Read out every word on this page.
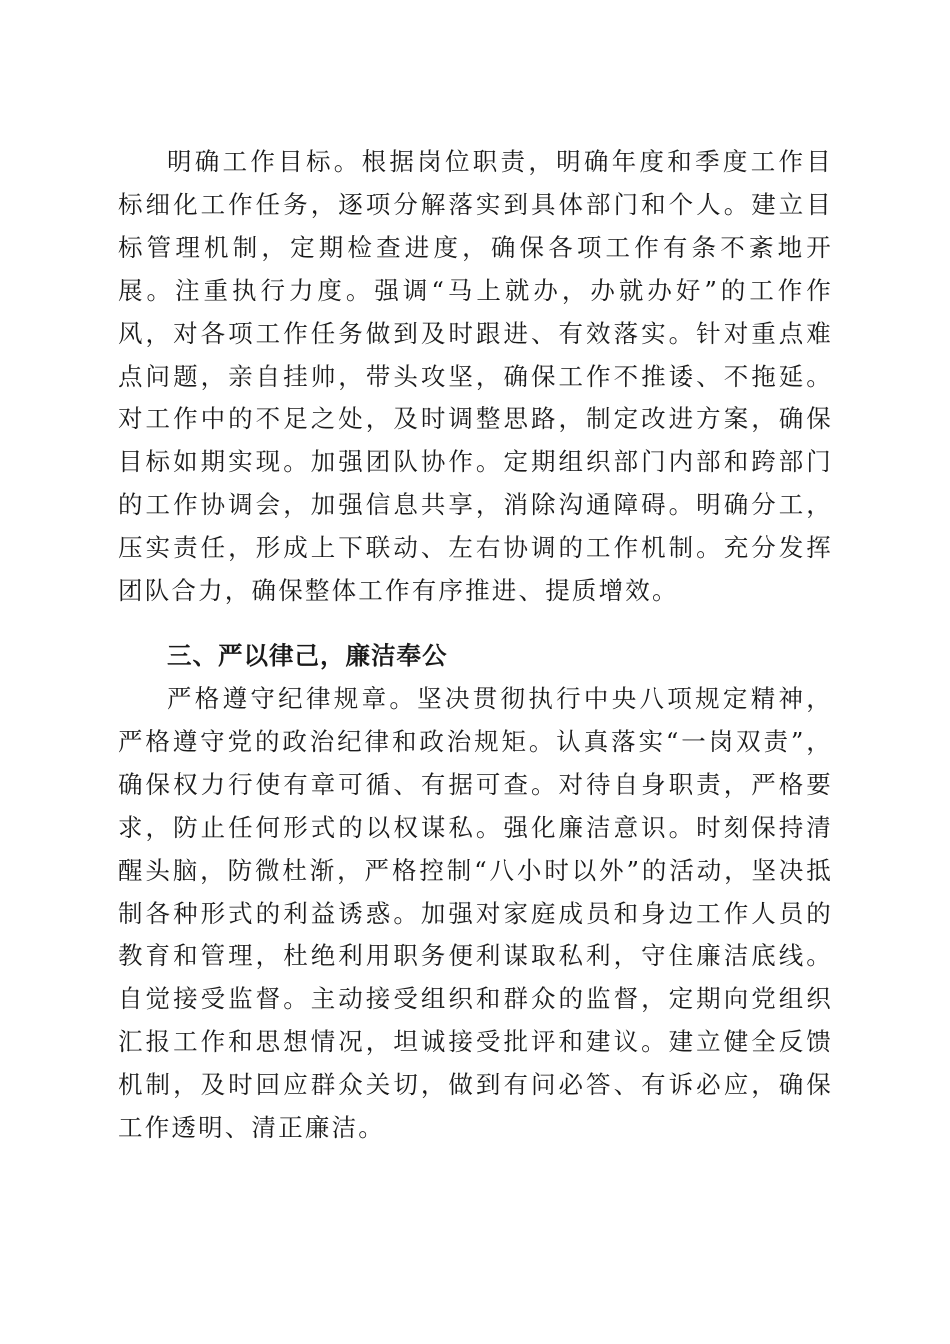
明确工作目标。根据岗位职责，明确年度和季度工作目标细化工作任务，逐项分解落实到具体部门和个人。建立目标管理机制，定期检查进度，确保各项工作有条不紊地开展。注重执行力度。强调“马上就办，办就办好”的工作作风，对各项工作任务做到及时跟进、有效落实。针对重点难点问题，亲自挂帅，带头攻坚，确保工作不推诿、不拖延。对工作中的不足之处，及时调整思路，制定改进方案，确保目标如期实现。加强团队协作。定期组织部门内部和跨部门的工作协调会，加强信息共享，消除沟通障碍。明确分工，压实责任，形成上下联动、左右协调的工作机制。充分发挥团队合力，确保整体工作有序推进、提质增效。

三、严以律己，廉洁奉公

严格遵守纪律规章。坚决贯彻执行中央八项规定精神，严格遵守党的政治纪律和政治规矩。认真落实“一岗双责”，确保权力行使有章可循、有据可查。对待自身职责，严格要求，防止任何形式的以权谋私。强化廉洁意识。时刻保持清醒头脑，防微杜渐，严格控制“八小时以外”的活动，坚决抵制各种形式的利益诱惑。加强对家庭成员和身边工作人员的教育和管理，杜绝利用职务便利谋取私利，守住廉洁底线。自觉接受监督。主动接受组织和群众的监督，定期向党组织汇报工作和思想情况，坦诚接受批评和建议。建立健全反馈机制，及时回应群众关切，做到有问必答、有诉必应，确保工作透明、清正廉洁。
